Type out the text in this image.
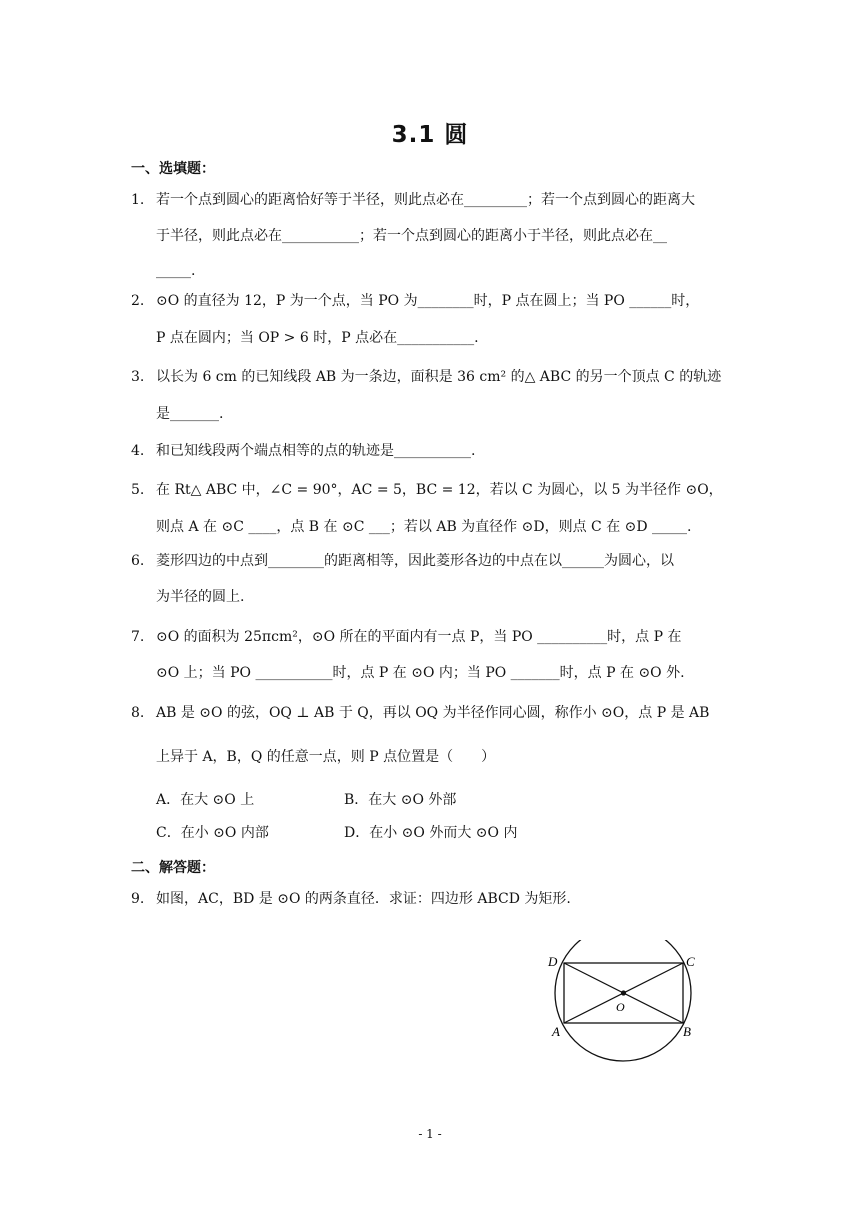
3.1 圆
一、选填题：
1. 若一个点到圆心的距离恰好等于半径，则此点必在_________；若一个点到圆心的距离大
于半径，则此点必在___________；若一个点到圆心的距离小于半径，则此点必在__
_____.
2. ⊙O 的直径为 12，P 为一个点，当 PO 为________时，P 点在圆上；当 PO ______时，
P 点在圆内；当 OP > 6 时，P 点必在___________.
3. 以长为 6 cm 的已知线段 AB 为一条边，面积是 36 cm² 的△ ABC 的另一个顶点 C 的轨迹
是_______.
4. 和已知线段两个端点相等的点的轨迹是___________.
5. 在 Rt△ ABC 中，∠C = 90°，AC = 5，BC = 12，若以 C 为圆心，以 5 为半径作 ⊙O，
则点 A 在 ⊙C ____，点 B 在 ⊙C ___；若以 AB 为直径作 ⊙D，则点 C 在 ⊙D _____.
6. 菱形四边的中点到________的距离相等，因此菱形各边的中点在以______为圆心，以
为半径的圆上.
7. ⊙O 的面积为 25πcm²，⊙O 所在的平面内有一点 P，当 PO __________时，点 P 在
⊙O 上；当 PO ___________时，点 P 在 ⊙O 内；当 PO _______时，点 P 在 ⊙O 外.
8. AB 是 ⊙O 的弦，OQ ⊥ AB 于 Q，再以 OQ 为半径作同心圆，称作小 ⊙O，点 P 是 AB
上异于 A，B，Q 的任意一点，则 P 点位置是（　　）
A．在大 ⊙O 上	B．在大 ⊙O 外部
C．在小 ⊙O 内部	D．在小 ⊙O 外而大 ⊙O 内
二、解答题：
9. 如图，AC，BD 是 ⊙O 的两条直径．求证：四边形 ABCD 为矩形.
D	C
A	B
O
- 1 -
